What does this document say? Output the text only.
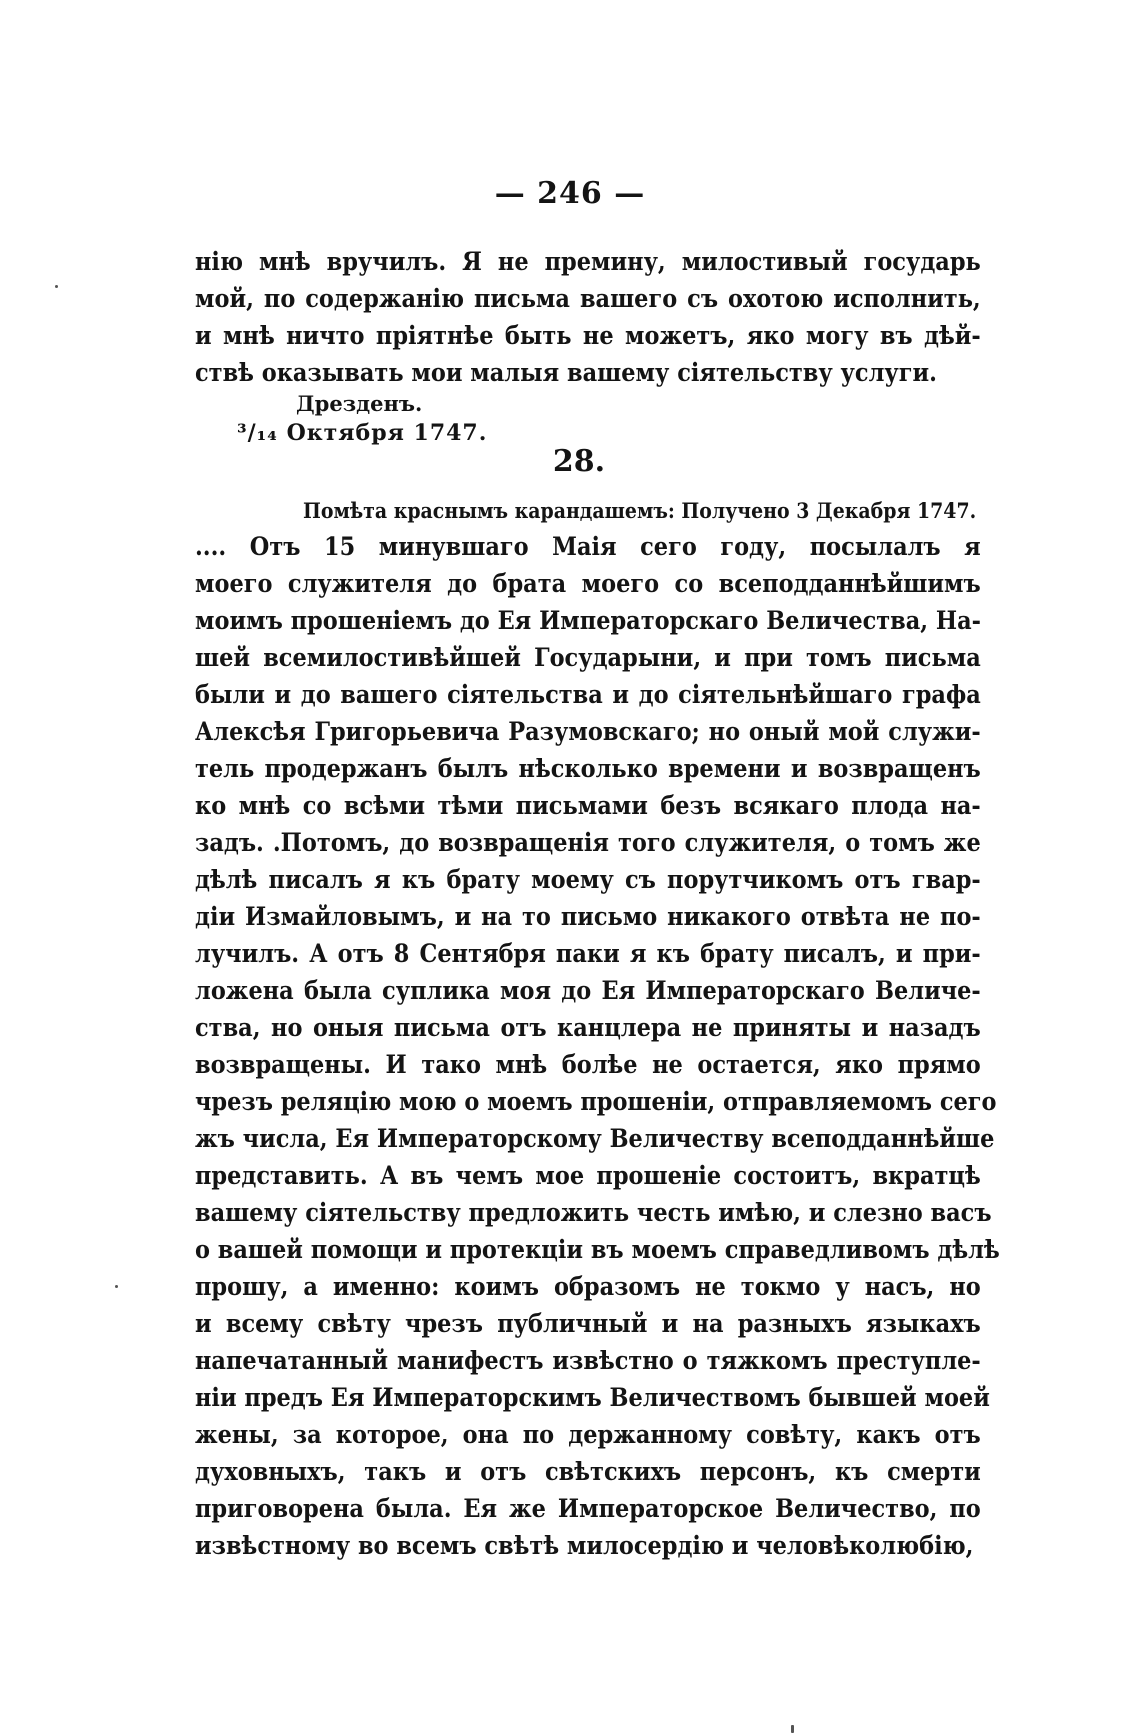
— 246 —
нію мнѣ вручилъ. Я не премину, милостивый государь
мой, по содержанію письма вашего съ охотою исполнить,
и мнѣ ничто пріятнѣе быть не можетъ, яко могу въ дѣй-
ствѣ оказывать мои малыя вашему сіятельству услуги.
Дрезденъ.
³/₁₄ Октября 1747.
28.
Помѣта краснымъ карандашемъ: Получено 3 Декабря 1747.
.... Отъ 15 минувшаго Маія сего году, посылалъ я
моего служителя до брата моего со всеподданнѣйшимъ
моимъ прошеніемъ до Ея Императорскаго Величества, На-
шей всемилостивѣйшей Государыни, и при томъ письма
были и до вашего сіятельства и до сіятельнѣйшаго графа
Алексѣя Григорьевича Разумовскаго; но оный мой служи-
тель продержанъ былъ нѣсколько времени и возвращенъ
ко мнѣ со всѣми тѣми письмами безъ всякаго плода на-
задъ. .Потомъ, до возвращенія того служителя, о томъ же
дѣлѣ писалъ я къ брату моему съ порутчикомъ отъ гвар-
діи Измайловымъ, и на то письмо никакого отвѣта не по-
лучилъ. А отъ 8 Сентября паки я къ брату писалъ, и при-
ложена была суплика моя до Ея Императорскаго Величе-
ства, но оныя письма отъ канцлера не приняты и назадъ
возвращены. И тако мнѣ болѣе не остается, яко прямо
чрезъ реляцію мою о моемъ прошеніи, отправляемомъ сего
жъ числа, Ея Императорскому Величеству всеподданнѣйше
представить. А въ чемъ мое прошеніе состоитъ, вкратцѣ
вашему сіятельству предложить честь имѣю, и слезно васъ
о вашей помощи и протекціи въ моемъ справедливомъ дѣлѣ
прошу, а именно: коимъ образомъ не токмо у насъ, но
и всему свѣту чрезъ публичный и на разныхъ языкахъ
напечатанный манифестъ извѣстно о тяжкомъ преступле-
ніи предъ Ея Императорскимъ Величествомъ бывшей моей
жены, за которое, она по держанному совѣту, какъ отъ
духовныхъ, такъ и отъ свѣтскихъ персонъ, къ смерти
приговорена была. Ея же Императорское Величество, по
извѣстному во всемъ свѣтѣ милосердію и человѣколюбію,
